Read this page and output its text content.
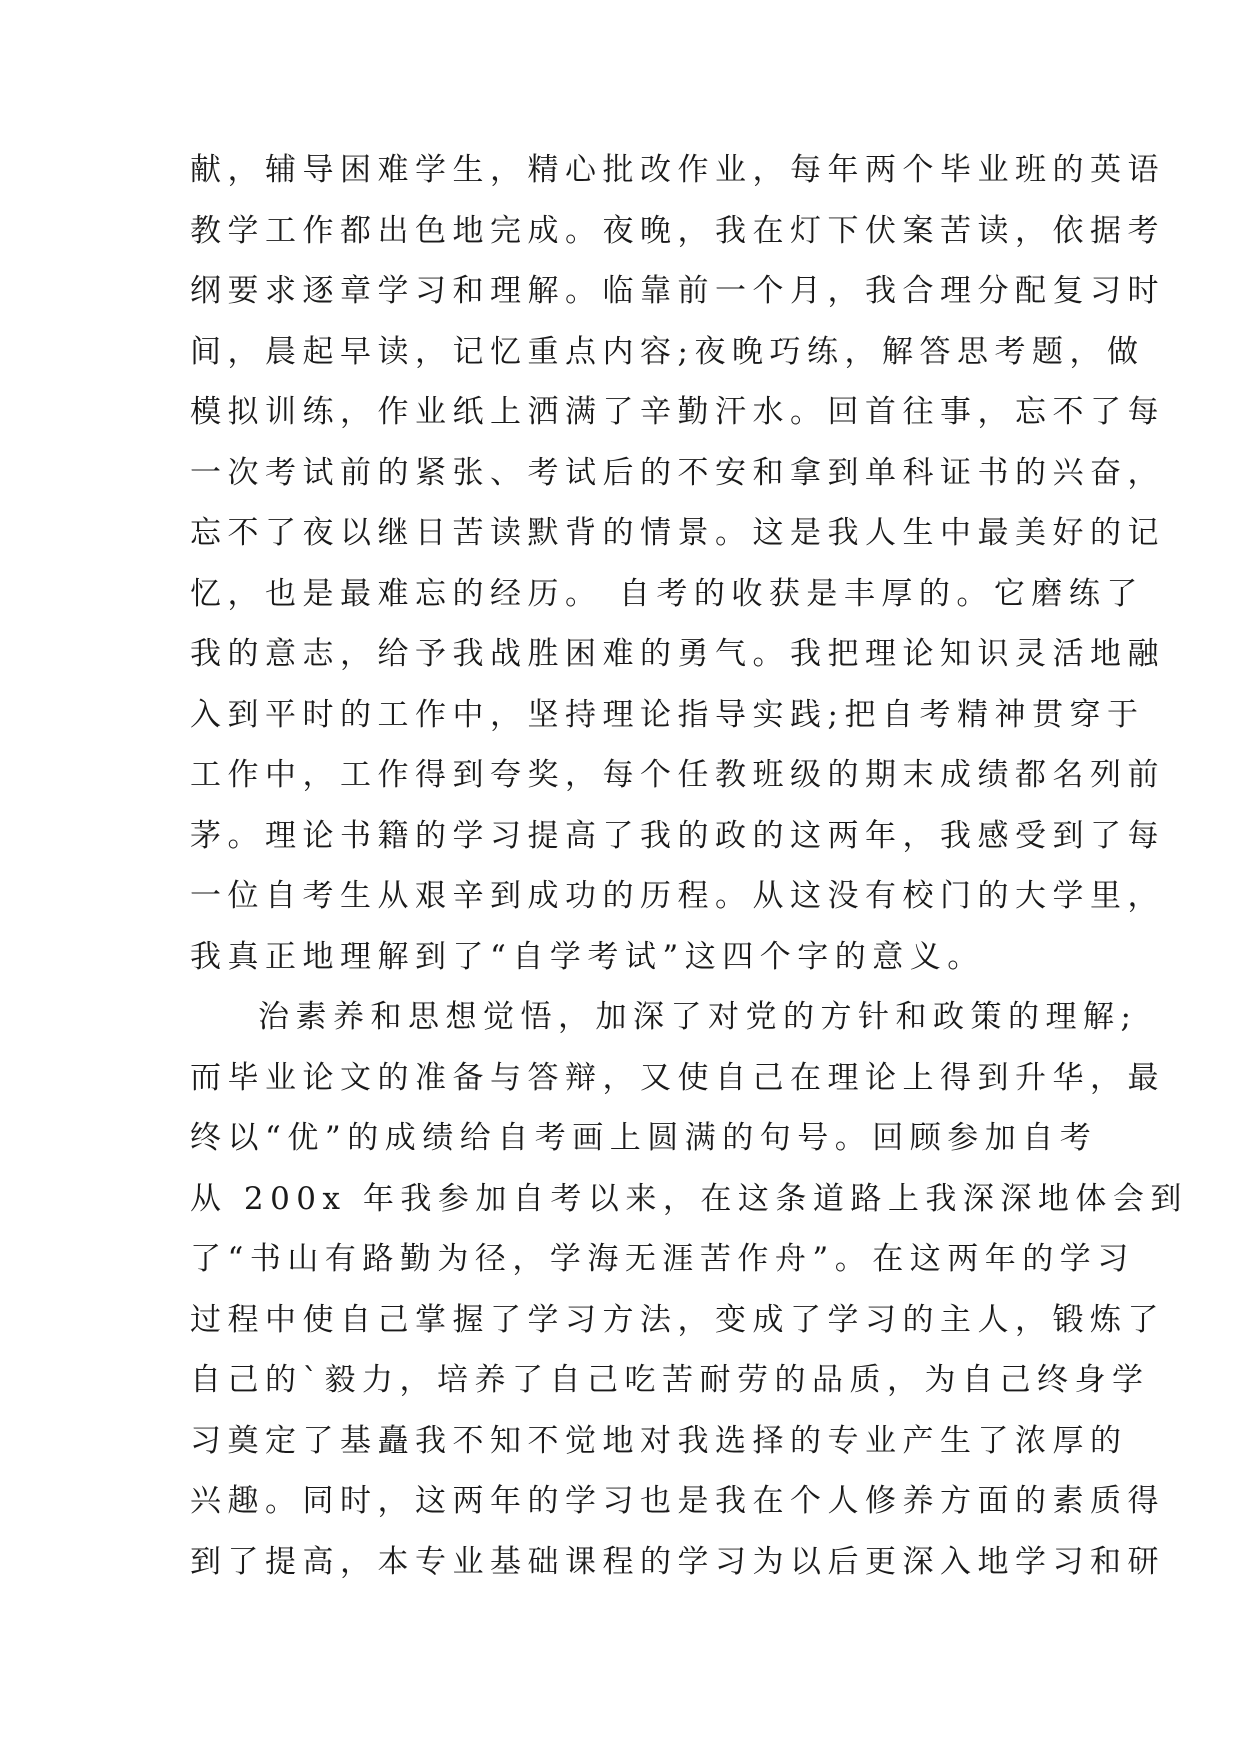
献，辅导困难学生，精心批改作业，每年两个毕业班的英语
教学工作都出色地完成。夜晚，我在灯下伏案苦读，依据考
纲要求逐章学习和理解。临靠前一个月，我合理分配复习时
间，晨起早读，记忆重点内容;夜晚巧练，解答思考题，做
模拟训练，作业纸上洒满了辛勤汗水。回首往事，忘不了每
一次考试前的紧张、考试后的不安和拿到单科证书的兴奋，
忘不了夜以继日苦读默背的情景。这是我人生中最美好的记
忆，也是最难忘的经历。 自考的收获是丰厚的。它磨练了
我的意志，给予我战胜困难的勇气。我把理论知识灵活地融
入到平时的工作中，坚持理论指导实践;把自考精神贯穿于
工作中，工作得到夸奖，每个任教班级的期末成绩都名列前
茅。理论书籍的学习提高了我的政的这两年，我感受到了每
一位自考生从艰辛到成功的历程。从这没有校门的大学里，
我真正地理解到了“自学考试”这四个字的意义。
治素养和思想觉悟，加深了对党的方针和政策的理解;
而毕业论文的准备与答辩，又使自己在理论上得到升华，最
终以“优”的成绩给自考画上圆满的句号。回顾参加自考
从 200x 年我参加自考以来，在这条道路上我深深地体会到
了“书山有路勤为径，学海无涯苦作舟”。在这两年的学习
过程中使自己掌握了学习方法，变成了学习的主人，锻炼了
自己的`毅力，培养了自己吃苦耐劳的品质，为自己终身学
习奠定了基矗我不知不觉地对我选择的专业产生了浓厚的
兴趣。同时，这两年的学习也是我在个人修养方面的素质得
到了提高，本专业基础课程的学习为以后更深入地学习和研
